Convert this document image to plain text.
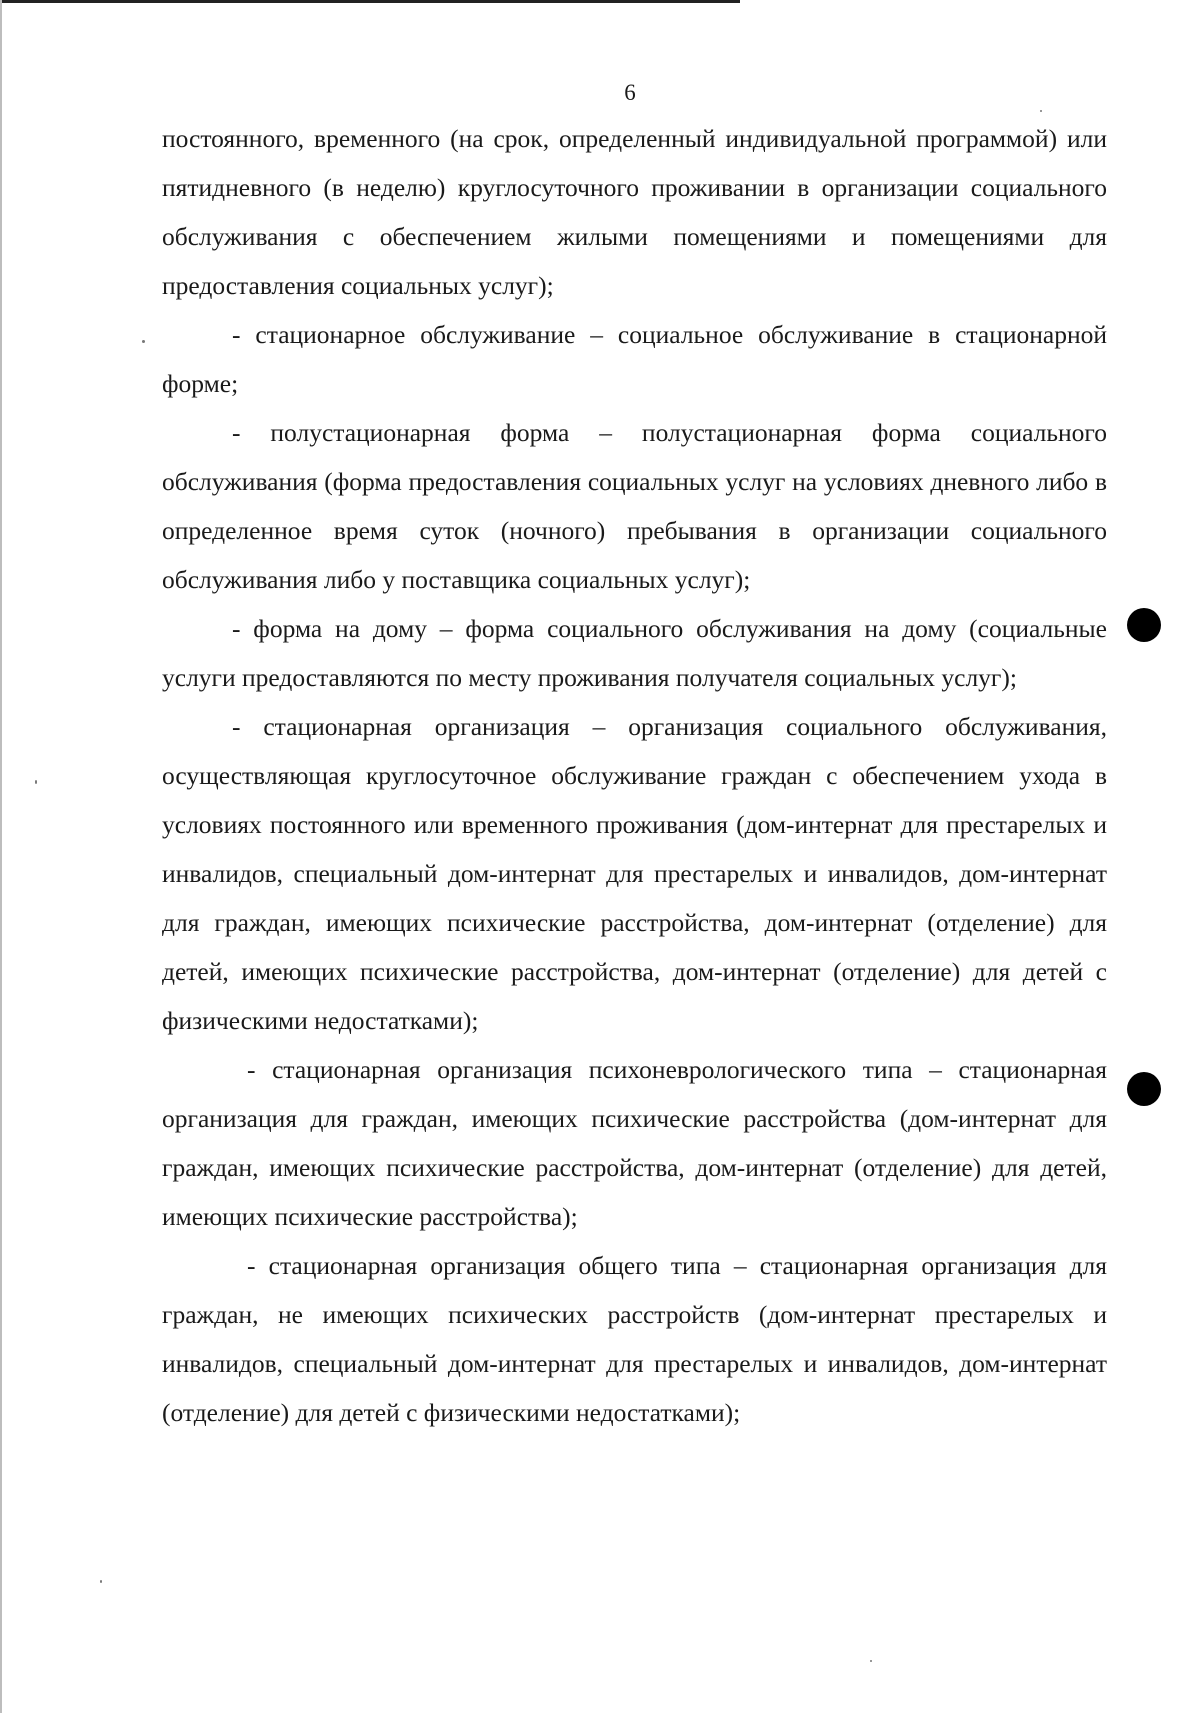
6

постоянного, временного (на срок, определенный индивидуальной программой) или пятидневного (в неделю) круглосуточного проживании в организации социального обслуживания с обеспечением жилыми помещениями и помещениями для предоставления социальных услуг);

- стационарное обслуживание – социальное обслуживание в стационарной форме;

- полустационарная форма – полустационарная форма социального обслуживания (форма предоставления социальных услуг на условиях дневного либо в определенное время суток (ночного) пребывания в организации социального обслуживания либо у поставщика социальных услуг);

- форма на дому – форма социального обслуживания на дому (социальные услуги предоставляются по месту проживания получателя социальных услуг);

- стационарная организация – организация социального обслуживания, осуществляющая круглосуточное обслуживание граждан с обеспечением ухода в условиях постоянного или временного проживания (дом-интернат для престарелых и инвалидов, специальный дом-интернат для престарелых и инвалидов, дом-интернат для граждан, имеющих психические расстройства, дом-интернат (отделение) для детей, имеющих психические расстройства, дом-интернат (отделение) для детей с физическими недостатками);

- стационарная организация психоневрологического типа – стационарная организация для граждан, имеющих психические расстройства (дом-интернат для граждан, имеющих психические расстройства, дом-интернат (отделение) для детей, имеющих психические расстройства);

- стационарная организация общего типа – стационарная организация для граждан, не имеющих психических расстройств (дом-интернат престарелых и инвалидов, специальный дом-интернат для престарелых и инвалидов, дом-интернат (отделение) для детей с физическими недостатками);
